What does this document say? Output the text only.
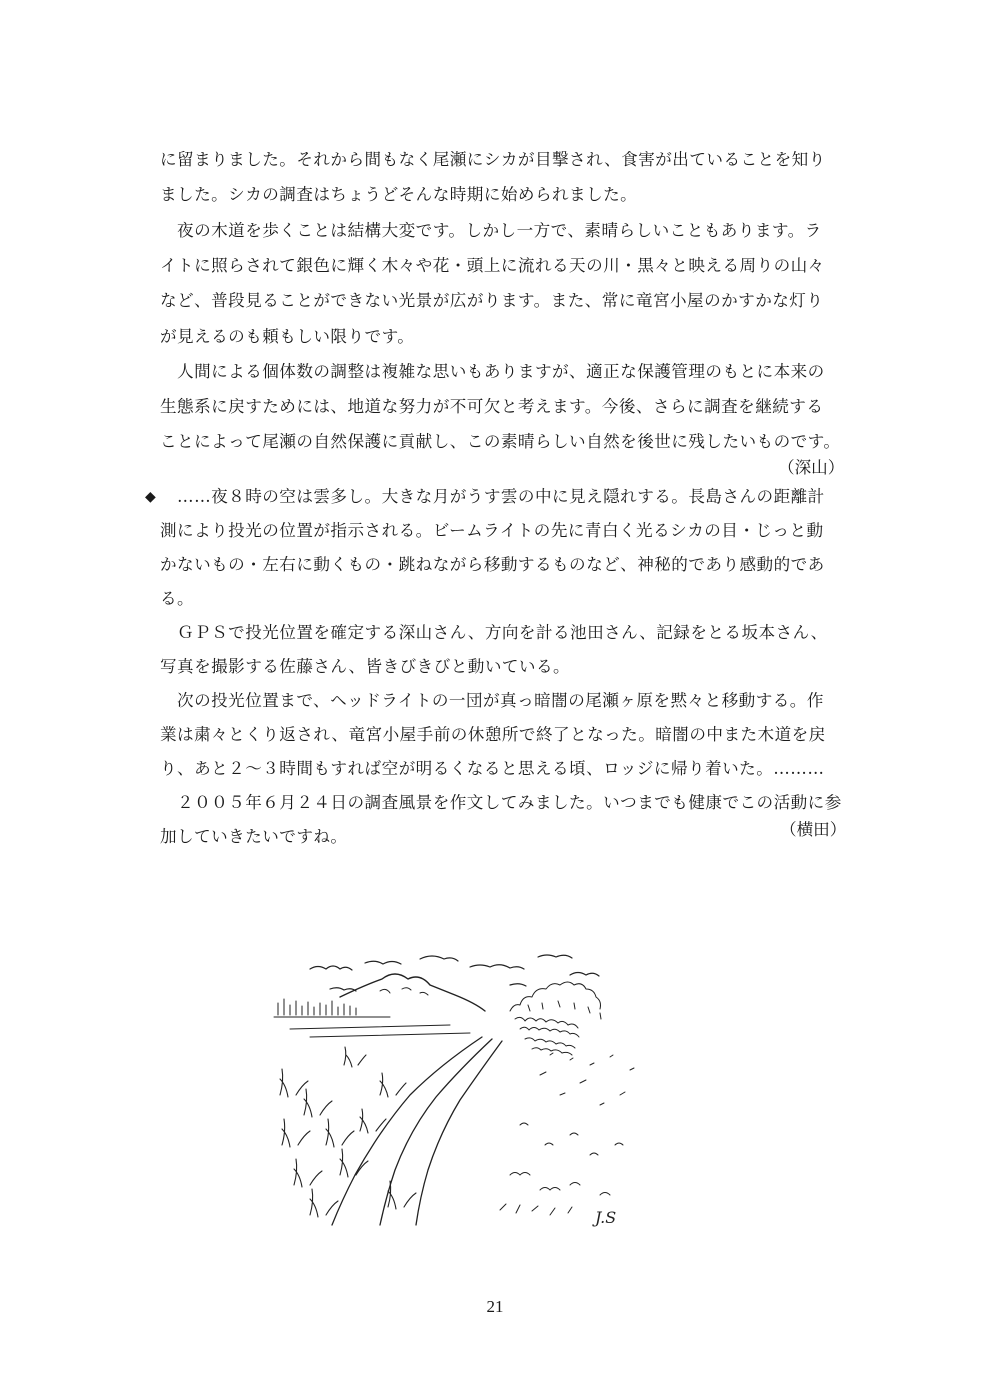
に留まりました。それから間もなく尾瀬にシカが目撃され、食害が出ていることを知り
ました。シカの調査はちょうどそんな時期に始められました。
　夜の木道を歩くことは結構大変です。しかし一方で、素晴らしいこともあります。ラ
イトに照らされて銀色に輝く木々や花・頭上に流れる天の川・黒々と映える周りの山々
など、普段見ることができない光景が広がります。また、常に竜宮小屋のかすかな灯り
が見えるのも頼もしい限りです。
　人間による個体数の調整は複雑な思いもありますが、適正な保護管理のもとに本来の
生態系に戻すためには、地道な努力が不可欠と考えます。今後、さらに調査を継続する
ことによって尾瀬の自然保護に貢献し、この素晴らしい自然を後世に残したいものです。
（深山）
◆ 　……夜８時の空は雲多し。大きな月がうす雲の中に見え隠れする。長島さんの距離計
測により投光の位置が指示される。ビームライトの先に青白く光るシカの目・じっと動
かないもの・左右に動くもの・跳ねながら移動するものなど、神秘的であり感動的であ
る。
　ＧＰＳで投光位置を確定する深山さん、方向を計る池田さん、記録をとる坂本さん、
写真を撮影する佐藤さん、皆きびきびと動いている。
　次の投光位置まで、ヘッドライトの一団が真っ暗闇の尾瀬ヶ原を黙々と移動する。作
業は粛々とくり返され、竜宮小屋手前の休憩所で終了となった。暗闇の中また木道を戻
り、あと２～３時間もすれば空が明るくなると思える頃、ロッジに帰り着いた。………
　２００５年６月２４日の調査風景を作文してみました。いつまでも健康でこの活動に参
加していきたいですね。	（横田）
J.S
21
